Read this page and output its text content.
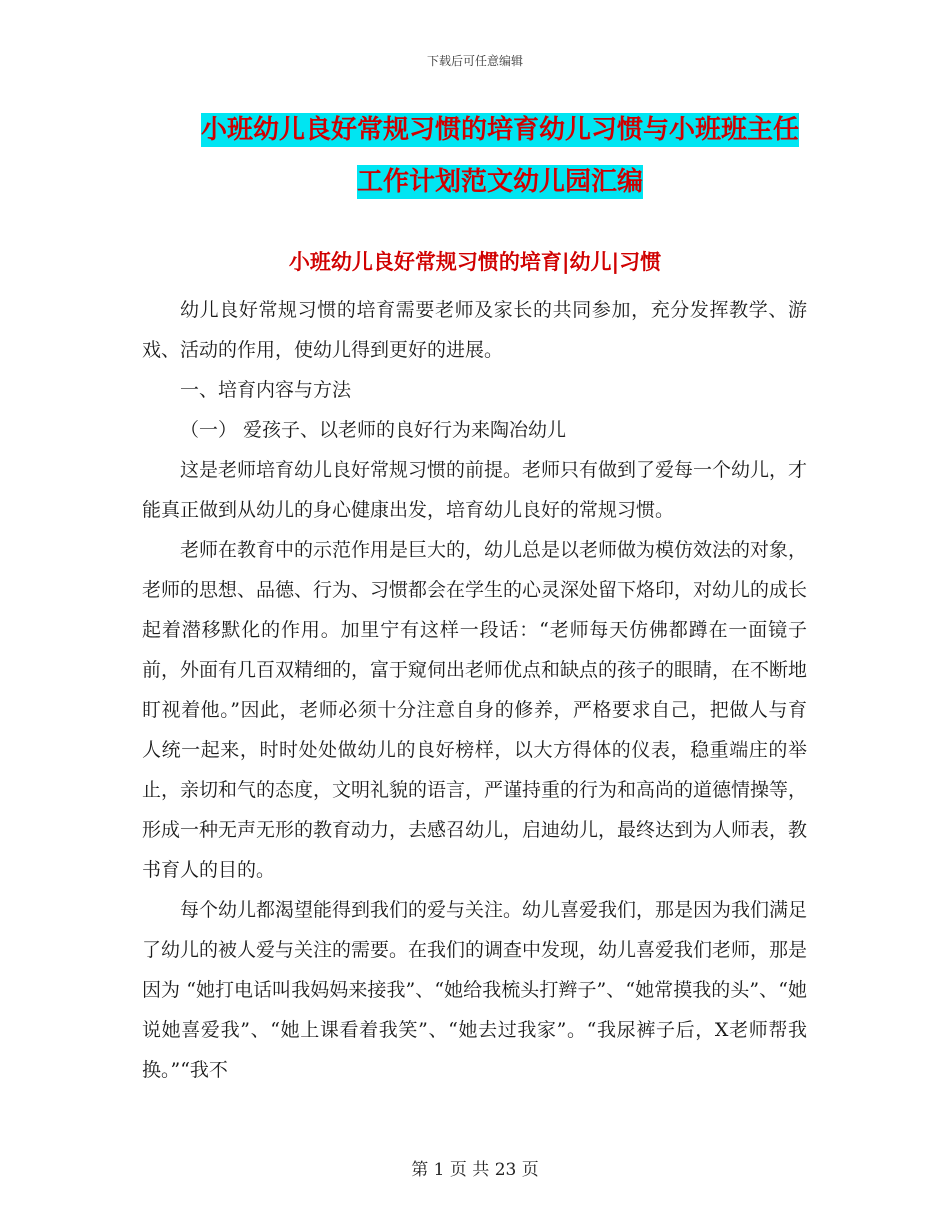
下载后可任意编辑
小班幼儿良好常规习惯的培育幼儿习惯与小班班主任
工作计划范文幼儿园汇编
小班幼儿良好常规习惯的培育|幼儿|习惯

幼儿良好常规习惯的培育需要老师及家长的共同参加，充分发挥教学、游戏、活动的作用，使幼儿得到更好的进展。

一、培育内容与方法

（一） 爱孩子、以老师的良好行为来陶冶幼儿

这是老师培育幼儿良好常规习惯的前提。老师只有做到了爱每一个幼儿，才能真正做到从幼儿的身心健康出发，培育幼儿良好的常规习惯。

老师在教育中的示范作用是巨大的，幼儿总是以老师做为模仿效法的对象，老师的思想、品德、行为、习惯都会在学生的心灵深处留下烙印，对幼儿的成长起着潜移默化的作用。加里宁有这样一段话：“老师每天仿佛都蹲在一面镜子前，外面有几百双精细的，富于窥伺出老师优点和缺点的孩子的眼睛，在不断地盯视着他。”因此，老师必须十分注意自身的修养，严格要求自己，把做人与育人统一起来，时时处处做幼儿的良好榜样，以大方得体的仪表，稳重端庄的举止，亲切和气的态度，文明礼貌的语言，严谨持重的行为和高尚的道德情操等，形成一种无声无形的教育动力，去感召幼儿，启迪幼儿，最终达到为人师表，教书育人的目的。

每个幼儿都渴望能得到我们的爱与关注。幼儿喜爱我们，那是因为我们满足了幼儿的被人爱与关注的需要。在我们的调查中发现，幼儿喜爱我们老师，那是因为 “她打电话叫我妈妈来接我”、“她给我梳头打辫子”、“她常摸我的头”、“她说她喜爱我”、“她上课看着我笑”、“她去过我家”。“我尿裤子后，X老师帮我换。”“我不

第 1 页 共 23 页
